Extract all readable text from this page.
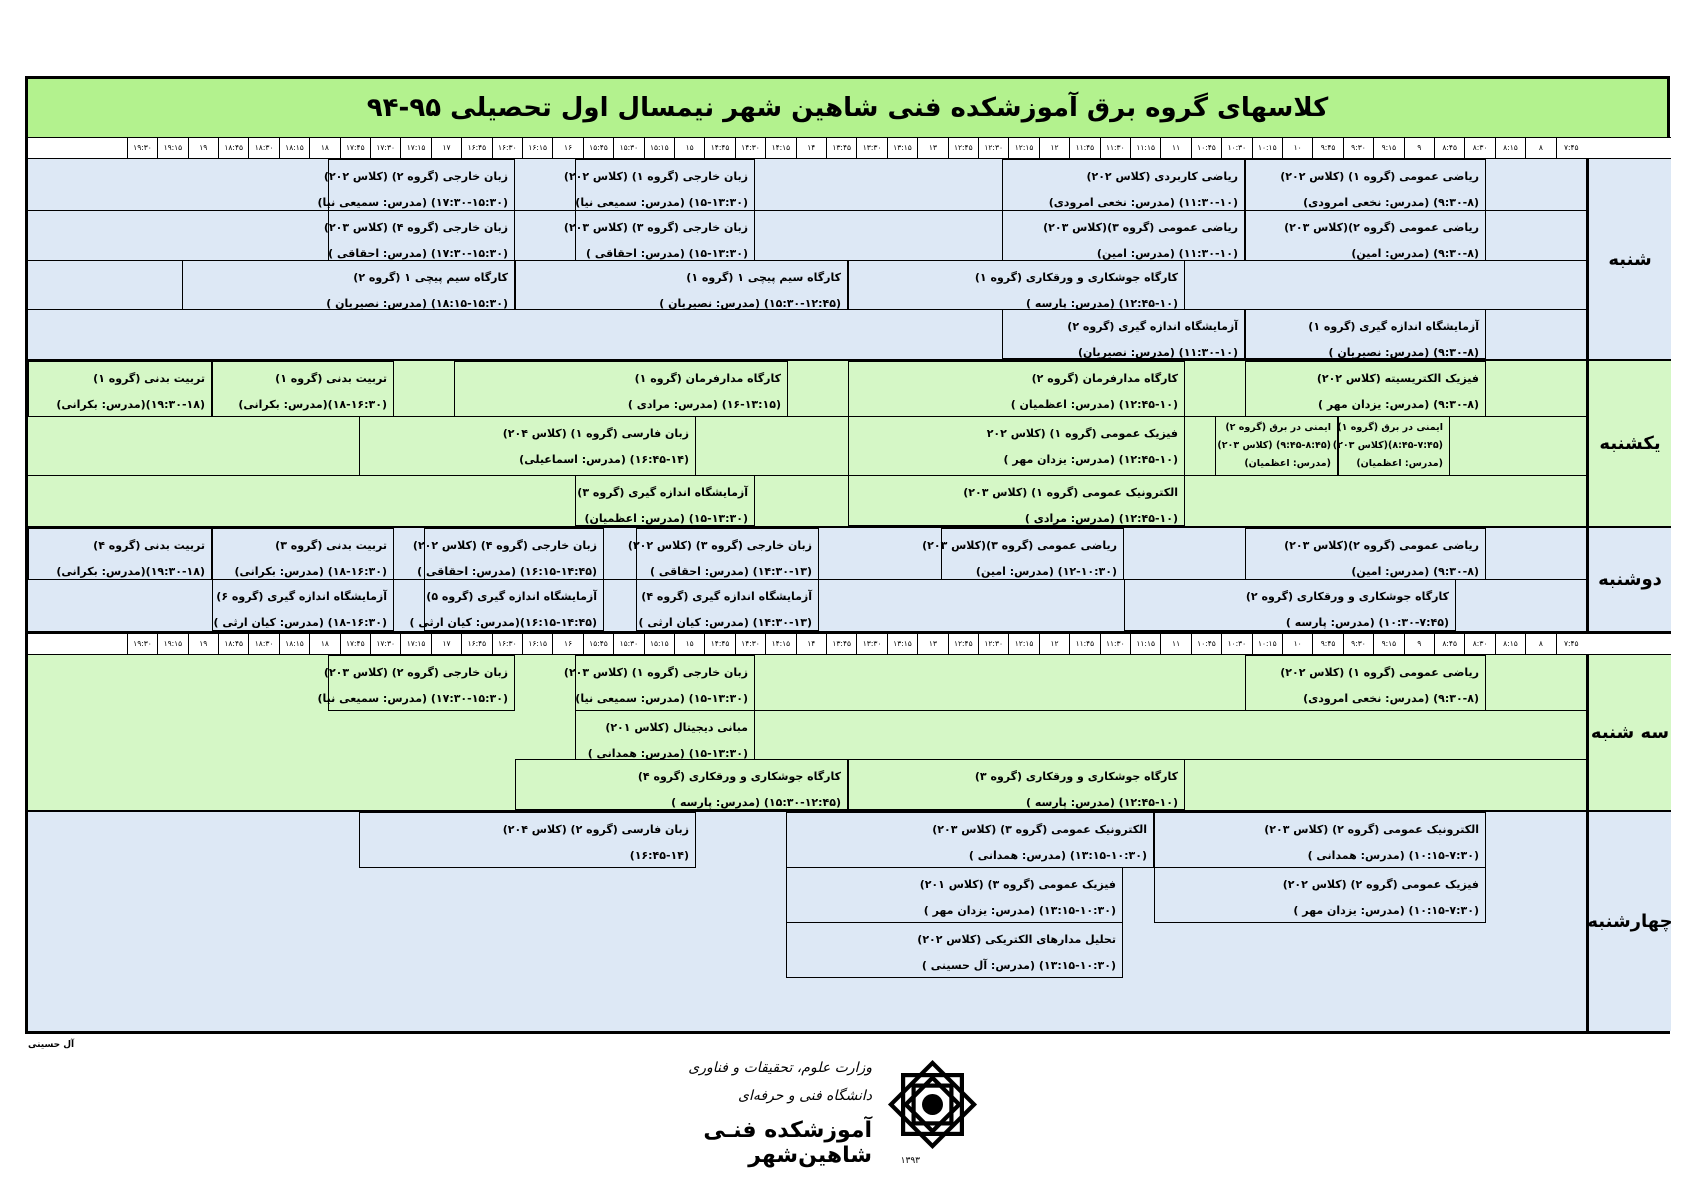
کلاسهای گروه برق آموزشکده فنی شاهین شهر نیمسال اول تحصیلی ۹۵-۹۴
۷:۴۵
۸
۸:۱۵
۸:۳۰
۸:۴۵
۹
۹:۱۵
۹:۳۰
۹:۴۵
۱۰
۱۰:۱۵
۱۰:۳۰
۱۰:۴۵
۱۱
۱۱:۱۵
۱۱:۳۰
۱۱:۴۵
۱۲
۱۲:۱۵
۱۲:۳۰
۱۲:۴۵
۱۳
۱۳:۱۵
۱۳:۳۰
۱۳:۴۵
۱۴
۱۴:۱۵
۱۴:۳۰
۱۴:۴۵
۱۵
۱۵:۱۵
۱۵:۳۰
۱۵:۴۵
۱۶
۱۶:۱۵
۱۶:۳۰
۱۶:۴۵
۱۷
۱۷:۱۵
۱۷:۳۰
۱۷:۴۵
۱۸
۱۸:۱۵
۱۸:۳۰
۱۸:۴۵
۱۹
۱۹:۱۵
۱۹:۳۰
شنبه
ریاضی عمومی (گروه ۱) (کلاس ۲۰۲)
(۹:۳۰-۸) (مدرس: نخعی امرودی)
ریاضی کاربردی (کلاس ۲۰۲)
(۱۱:۳۰-۱۰) (مدرس: نخعی امرودی)
زبان خارجی (گروه ۱) (کلاس ۲۰۲)
(۱۵-۱۳:۳۰) (مدرس: سمیعی نیا)
زبان خارجی (گروه ۲) (کلاس ۲۰۲)
(۱۷:۳۰-۱۵:۳۰) (مدرس: سمیعی نیا)
ریاضی عمومی (گروه ۲)(کلاس ۲۰۳)
(۹:۳۰-۸) (مدرس: امین)
ریاضی عمومی (گروه ۳)(کلاس ۲۰۳)
(۱۱:۳۰-۱۰) (مدرس: امین)
زبان خارجی (گروه ۳) (کلاس ۲۰۳)
(۱۵-۱۳:۳۰) (مدرس: احقاقی )
زبان خارجی (گروه ۴) (کلاس ۲۰۳)
(۱۷:۳۰-۱۵:۳۰) (مدرس: احقاقی )
کارگاه جوشکاری و ورقکاری (گروه ۱)
(۱۲:۴۵-۱۰) (مدرس: پارسه )
کارگاه سیم پیچی ۱ (گروه ۱)
(۱۵:۳۰-۱۲:۴۵) (مدرس: نصیریان )
کارگاه سیم پیچی ۱ (گروه ۲)
(۱۸:۱۵-۱۵:۳۰) (مدرس: نصیریان )
آزمایشگاه اندازه گیری (گروه ۱)
(۹:۳۰-۸) (مدرس: نصیریان )
آزمایشگاه اندازه گیری (گروه ۲)
(۱۱:۳۰-۱۰) (مدرس: نصیریان)
یکشنبه
فیزیک الکتریسیته (کلاس ۲۰۲)
(۹:۳۰-۸) (مدرس: یزدان مهر )
کارگاه مدارفرمان (گروه ۲)
(۱۲:۴۵-۱۰) (مدرس: اعظمیان )
کارگاه مدارفرمان (گروه ۱)
(۱۶-۱۳:۱۵) (مدرس: مرادی )
تربیت بدنی (گروه ۱)
(۱۸-۱۶:۳۰)(مدرس: بکرانی)
تربیت بدنی (گروه ۱)
(۱۹:۳۰-۱۸)(مدرس: بکرانی)
ایمنی در برق (گروه ۱)
(۸:۴۵-۷:۴۵)(کلاس ۲۰۳)
(مدرس: اعظمیان)
ایمنی در برق (گروه ۲)
(۹:۴۵-۸:۴۵) (کلاس ۲۰۳)
(مدرس: اعظمیان)
فیزیک عمومی (گروه ۱) (کلاس ۲۰۲
(۱۲:۴۵-۱۰) (مدرس: یزدان مهر )
زبان فارسی (گروه ۱) (کلاس ۲۰۴)
(۱۶:۴۵-۱۴) (مدرس: اسماعیلی)
الکترونیک عمومی (گروه ۱) (کلاس ۲۰۳)
(۱۲:۴۵-۱۰) (مدرس: مرادی )
آزمایشگاه اندازه گیری (گروه ۳)
(۱۵-۱۳:۳۰) (مدرس: اعظمیان)
دوشنبه
ریاضی عمومی (گروه ۲)(کلاس ۲۰۳)
(۹:۳۰-۸) (مدرس: امین)
ریاضی عمومی (گروه ۳)(کلاس ۲۰۳)
(۱۲-۱۰:۳۰) (مدرس: امین)
زبان خارجی (گروه ۳) (کلاس ۲۰۲)
(۱۴:۳۰-۱۳) (مدرس: احقاقی )
زبان خارجی (گروه ۴) (کلاس ۲۰۲)
(۱۶:۱۵-۱۴:۴۵) (مدرس: احقاقی )
تربیت بدنی (گروه ۳)
(۱۸-۱۶:۳۰) (مدرس: بکرانی)
تربیت بدنی (گروه ۴)
(۱۹:۳۰-۱۸)(مدرس: بکرانی)
کارگاه جوشکاری و ورقکاری (گروه ۲)
(۱۰:۳۰-۷:۴۵) (مدرس: پارسه )
آزمایشگاه اندازه گیری (گروه ۴)
(۱۴:۳۰-۱۳) (مدرس: کیان ارثی )
آزمایشگاه اندازه گیری (گروه ۵)
(۱۶:۱۵-۱۴:۴۵)(مدرس: کیان ارثی )
آزمایشگاه اندازه گیری (گروه ۶)
(۱۸-۱۶:۳۰) (مدرس: کیان ارثی )
۷:۴۵
۸
۸:۱۵
۸:۳۰
۸:۴۵
۹
۹:۱۵
۹:۳۰
۹:۴۵
۱۰
۱۰:۱۵
۱۰:۳۰
۱۰:۴۵
۱۱
۱۱:۱۵
۱۱:۳۰
۱۱:۴۵
۱۲
۱۲:۱۵
۱۲:۳۰
۱۲:۴۵
۱۳
۱۳:۱۵
۱۳:۳۰
۱۳:۴۵
۱۴
۱۴:۱۵
۱۴:۳۰
۱۴:۴۵
۱۵
۱۵:۱۵
۱۵:۳۰
۱۵:۴۵
۱۶
۱۶:۱۵
۱۶:۳۰
۱۶:۴۵
۱۷
۱۷:۱۵
۱۷:۳۰
۱۷:۴۵
۱۸
۱۸:۱۵
۱۸:۳۰
۱۸:۴۵
۱۹
۱۹:۱۵
۱۹:۳۰
سه شنبه
ریاضی عمومی (گروه ۱) (کلاس ۲۰۲)
(۹:۳۰-۸) (مدرس: نخعی امرودی)
زبان خارجی (گروه ۱) (کلاس ۲۰۳)
(۱۵-۱۳:۳۰) (مدرس: سمیعی نیا)
زبان خارجی (گروه ۲) (کلاس ۲۰۳)
(۱۷:۳۰-۱۵:۳۰) (مدرس: سمیعی نیا)
مبانی دیجیتال (کلاس ۲۰۱)
(۱۵-۱۳:۳۰) (مدرس: همدانی )
کارگاه جوشکاری و ورقکاری (گروه ۳)
(۱۲:۴۵-۱۰) (مدرس: پارسه )
کارگاه جوشکاری و ورقکاری (گروه ۴)
(۱۵:۳۰-۱۲:۴۵) (مدرس: پارسه )
چهارشنبه
الکترونیک عمومی (گروه ۲) (کلاس ۲۰۳)
(۱۰:۱۵-۷:۳۰) (مدرس: همدانی )
الکترونیک عمومی (گروه ۳) (کلاس ۲۰۳)
(۱۳:۱۵-۱۰:۳۰) (مدرس: همدانی )
زبان فارسی (گروه ۲) (کلاس ۲۰۴)
(۱۶:۴۵-۱۴)
فیزیک عمومی (گروه ۲) (کلاس ۲۰۲)
(۱۰:۱۵-۷:۳۰) (مدرس: یزدان مهر )
فیزیک عمومی (گروه ۳) (کلاس ۲۰۱)
(۱۳:۱۵-۱۰:۳۰) (مدرس: یزدان مهر )
تحلیل مدارهای الکتریکی (کلاس ۲۰۲)
(۱۳:۱۵-۱۰:۳۰) (مدرس: آل حسینی )
آل حسینی
وزارت علوم، تحقیقات و فناوری
دانشگاه فنی و حرفه‌ای
آموزشکده فنـی شاهین‌شهر	۱۳۹۳
